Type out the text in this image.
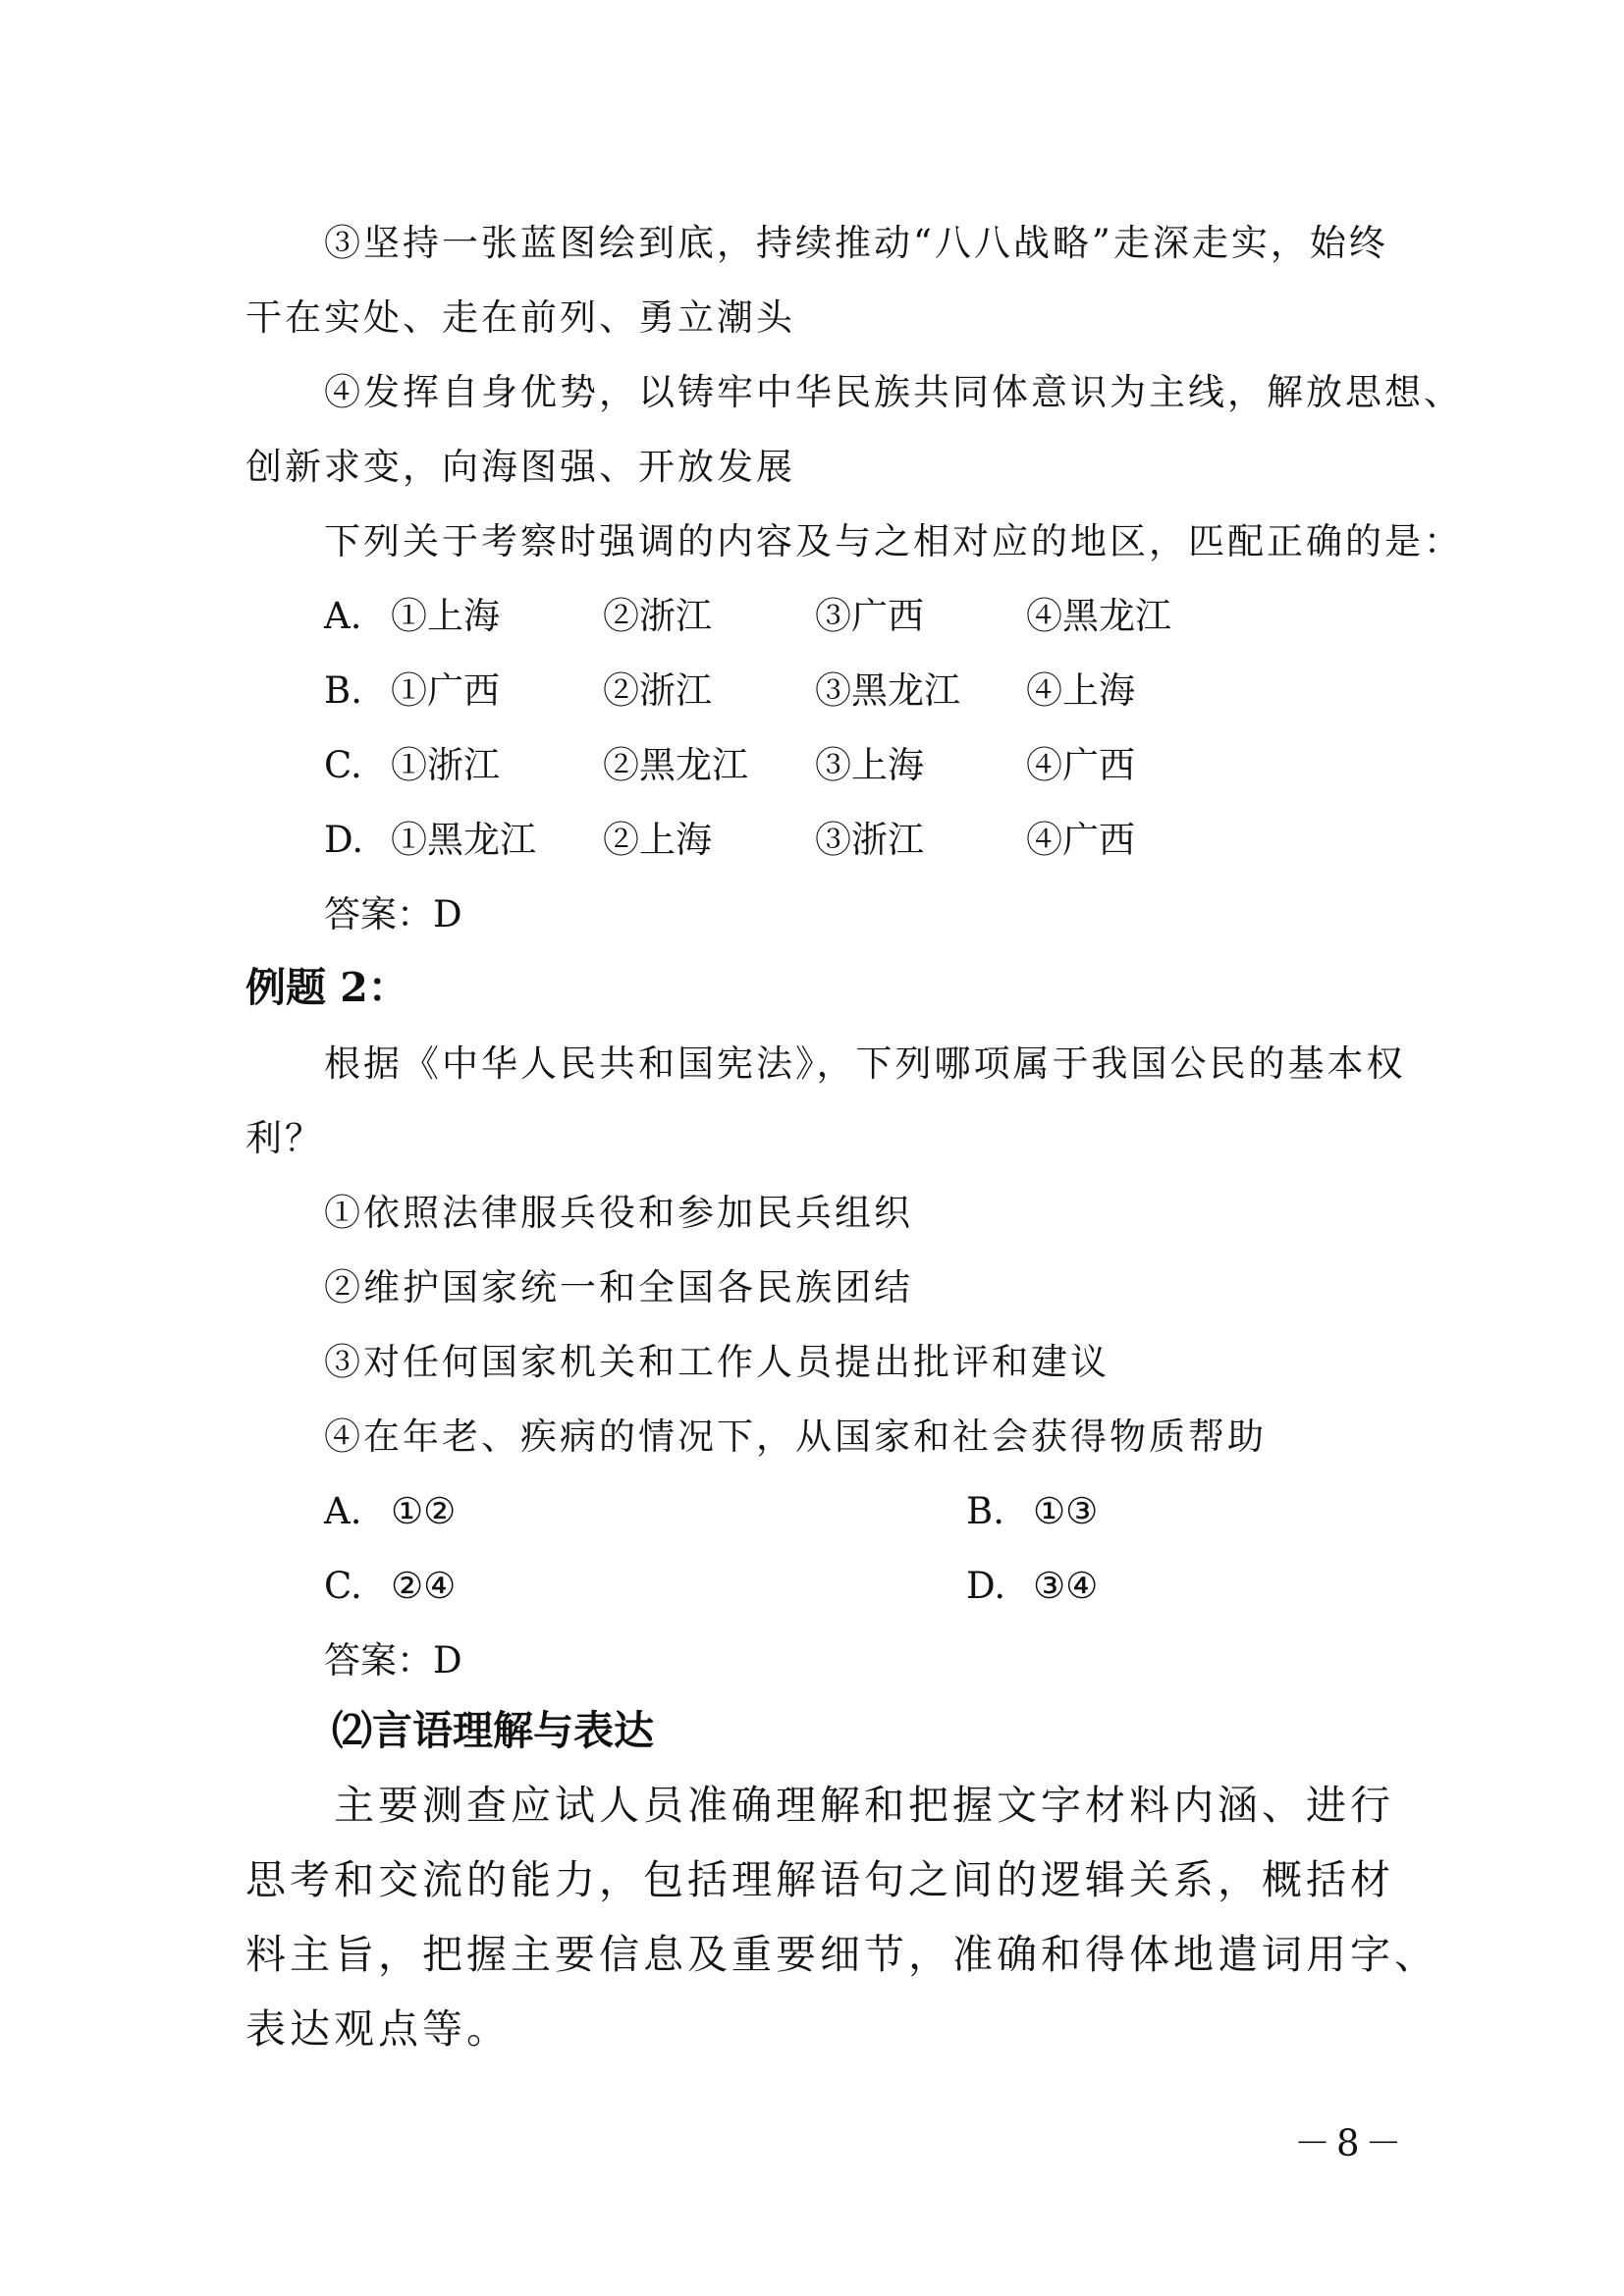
③坚持一张蓝图绘到底，持续推动“八八战略”走深走实，始终
干在实处、走在前列、勇立潮头
④发挥自身优势，以铸牢中华民族共同体意识为主线，解放思想、
创新求变，向海图强、开放发展
下列关于考察时强调的内容及与之相对应的地区，匹配正确的是：
A. ①上海	②浙江	③广西	④黑龙江
B. ①广西	②浙江	③黑龙江 ④上海
C. ①浙江	②黑龙江 ③上海	④广西
D. ①黑龙江 ②上海	③浙江	④广西
答案：D
例题 2：
根据《中华人民共和国宪法》，下列哪项属于我国公民的基本权
利？
①依照法律服兵役和参加民兵组织
②维护国家统一和全国各民族团结
③对任何国家机关和工作人员提出批评和建议
④在年老、疾病的情况下，从国家和社会获得物质帮助
A. ①②	B. ①③
C. ②④	D. ③④
答案：D
⑵言语理解与表达
主要测查应试人员准确理解和把握文字材料内涵、进行
思考和交流的能力，包括理解语句之间的逻辑关系，概括材
料主旨，把握主要信息及重要细节，准确和得体地遣词用字、
表达观点等。
－8－
